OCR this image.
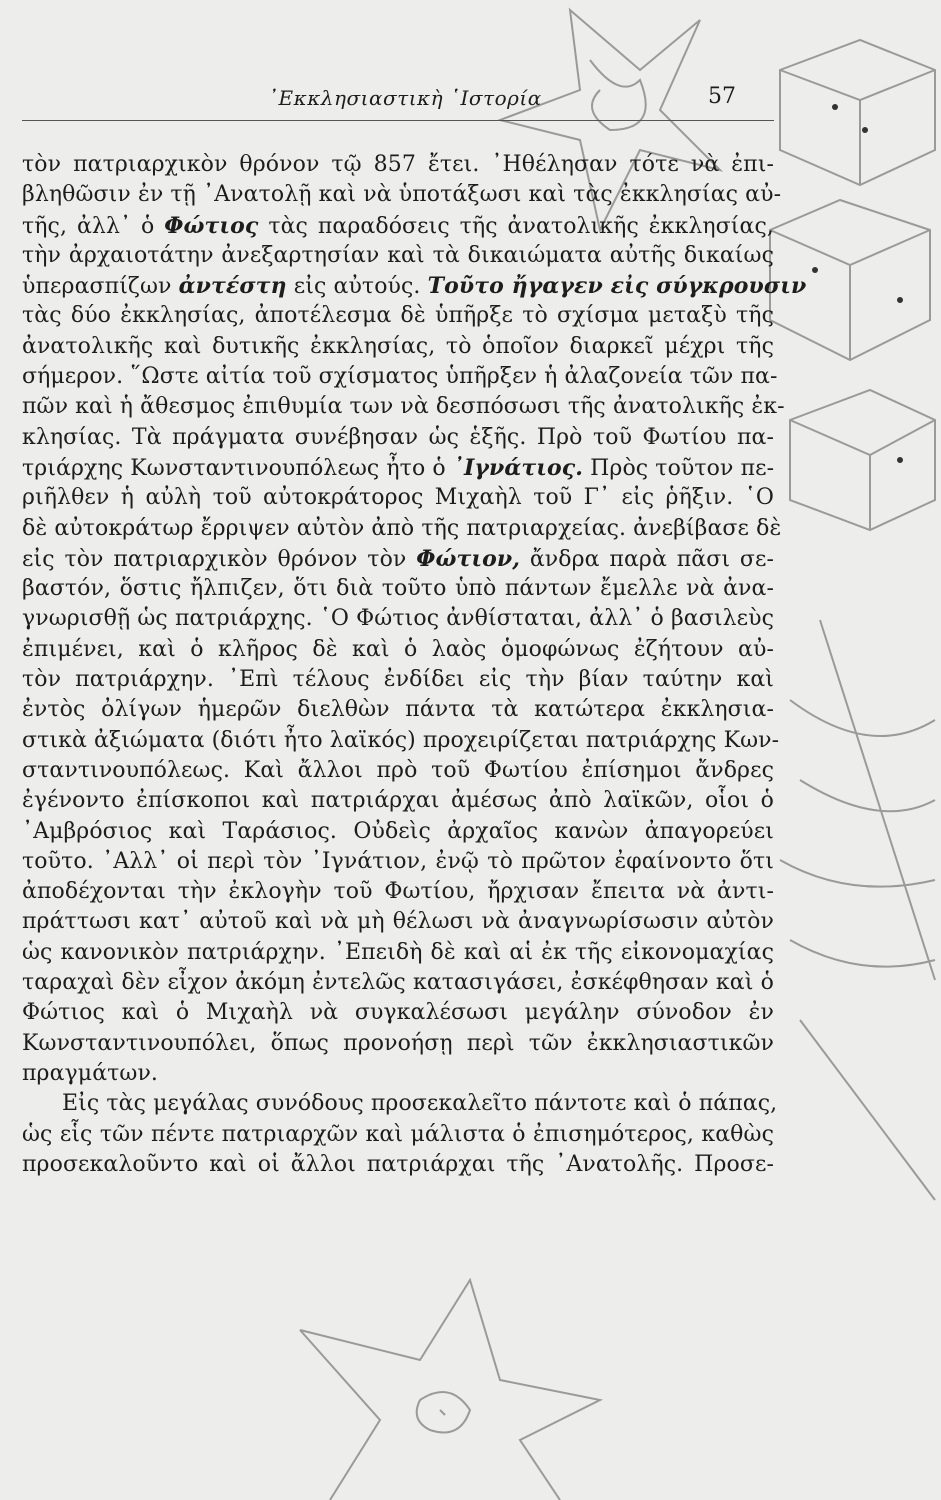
᾿Εκκλησιαστικὴ ῾Ιστορία	57
τὸν πατριαρχικὸν θρόνον τῷ 857 ἔτει. ᾿Ηθέλησαν τότε νὰ ἐπι-
βληθῶσιν ἐν τῇ ᾿Ανατολῇ καὶ νὰ ὑποτάξωσι καὶ τὰς ἐκκλησίας αὐ-
τῆς, ἀλλ᾿ ὁ Φώτιος τὰς παραδόσεις τῆς ἀνατολικῆς ἐκκλησίας,
τὴν ἀρχαιοτάτην ἀνεξαρτησίαν καὶ τὰ δικαιώματα αὐτῆς δικαίως
ὑπερασπίζων ἀντέστη εἰς αὐτούς. Τοῦτο ἤγαγεν εἰς σύγκρουσιν
τὰς δύο ἐκκλησίας, ἀποτέλεσμα δὲ ὑπῆρξε τὸ σχίσμα μεταξὺ τῆς
ἀνατολικῆς καὶ δυτικῆς ἐκκλησίας, τὸ ὁποῖον διαρκεῖ μέχρι τῆς
σήμερον. ῞Ωστε αἰτία τοῦ σχίσματος ὑπῆρξεν ἡ ἀλαζονεία τῶν πα-
πῶν καὶ ἡ ἄθεσμος ἐπιθυμία των νὰ δεσπόσωσι τῆς ἀνατολικῆς ἐκ-
κλησίας. Τὰ πράγματα συνέβησαν ὡς ἑξῆς. Πρὸ τοῦ Φωτίου πα-
τριάρχης Κωνσταντινουπόλεως ἦτο ὁ ᾿Ιγνάτιος. Πρὸς τοῦτον πε-
ριῆλθεν ἡ αὐλὴ τοῦ αὐτοκράτορος Μιχαὴλ τοῦ Γ᾿ εἰς ῥῆξιν. ῾Ο
δὲ αὐτοκράτωρ ἔρριψεν αὐτὸν ἀπὸ τῆς πατριαρχείας. ἀνεβίβασε δὲ
εἰς τὸν πατριαρχικὸν θρόνον τὸν Φώτιον, ἄνδρα παρὰ πᾶσι σε-
βαστόν, ὅστις ἤλπιζεν, ὅτι διὰ τοῦτο ὑπὸ πάντων ἔμελλε νὰ ἀνα-
γνωρισθῇ ὡς πατριάρχης. ῾Ο Φώτιος ἀνθίσταται, ἀλλ᾿ ὁ βασιλεὺς
ἐπιμένει, καὶ ὁ κλῆρος δὲ καὶ ὁ λαὸς ὁμοφώνως ἐζήτουν αὐ-
τὸν πατριάρχην. ᾿Επὶ τέλους ἐνδίδει εἰς τὴν βίαν ταύτην καὶ
ἐντὸς ὀλίγων ἡμερῶν διελθὼν πάντα τὰ κατώτερα ἐκκλησια-
στικὰ ἀξιώματα (διότι ἦτο λαϊκός) προχειρίζεται πατριάρχης Κων-
σταντινουπόλεως. Καὶ ἄλλοι πρὸ τοῦ Φωτίου ἐπίσημοι ἄνδρες
ἐγένοντο ἐπίσκοποι καὶ πατριάρχαι ἀμέσως ἀπὸ λαϊκῶν, οἷοι ὁ
᾿Αμβρόσιος καὶ Ταράσιος. Οὐδεὶς ἀρχαῖος κανὼν ἀπαγορεύει
τοῦτο. ᾿Αλλ᾿ οἱ περὶ τὸν ᾿Ιγνάτιον, ἐνῷ τὸ πρῶτον ἐφαίνοντο ὅτι
ἀποδέχονται τὴν ἐκλογὴν τοῦ Φωτίου, ἤρχισαν ἔπειτα νὰ ἀντι-
πράττωσι κατ᾿ αὐτοῦ καὶ νὰ μὴ θέλωσι νὰ ἀναγνωρίσωσιν αὐτὸν
ὡς κανονικὸν πατριάρχην. ᾿Επειδὴ δὲ καὶ αἱ ἐκ τῆς εἰκονομαχίας
ταραχαὶ δὲν εἶχον ἀκόμη ἐντελῶς κατασιγάσει, ἐσκέφθησαν καὶ ὁ
Φώτιος καὶ ὁ Μιχαὴλ νὰ συγκαλέσωσι μεγάλην σύνοδον ἐν
Κωνσταντινουπόλει, ὅπως προνοήσῃ περὶ τῶν ἐκκλησιαστικῶν
πραγμάτων.
Εἰς τὰς μεγάλας συνόδους προσεκαλεῖτο πάντοτε καὶ ὁ πάπας,
ὡς εἷς τῶν πέντε πατριαρχῶν καὶ μάλιστα ὁ ἐπισημότερος, καθὼς
προσεκαλοῦντο καὶ οἱ ἄλλοι πατριάρχαι τῆς ᾿Ανατολῆς. Προσε-
